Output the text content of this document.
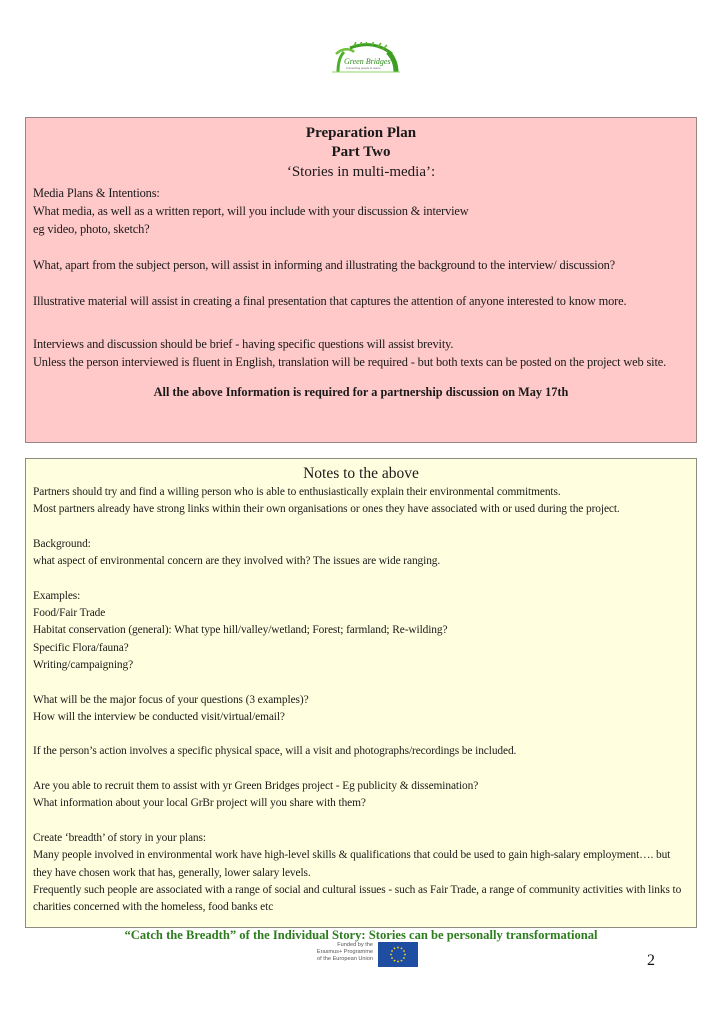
Green Bridges
Connecting people & nature
Preparation Plan
Part Two
‘Stories in multi-media’:

Media Plans & Intentions:

What media, as well as a written report, will you include with your discussion & interview

eg video, photo, sketch?

What, apart from the subject person, will assist in informing and illustrating the background to the interview/ discussion?

Illustrative material will assist in creating a final presentation that captures the attention of anyone interested to know more.

Interviews and discussion should be brief - having specific questions will assist brevity.

Unless the person interviewed is fluent in English, translation will be required - but both texts can be posted on the project web site.

All the above Information is required for a partnership discussion on May 17th
Notes to the above

Partners should try and find a willing person who is able to enthusiastically explain their environmental commitments.

Most partners already have strong links within their own organisations or ones they have associated with or used during the project.

Background:

what aspect of environmental concern are they involved with? The issues are wide ranging.

Examples:

Food/Fair Trade

Habitat conservation (general): What type hill/valley/wetland; Forest; farmland; Re-wilding?

Specific Flora/fauna?

Writing/campaigning?

What will be the major focus of your questions (3 examples)?

How will the interview be conducted visit/virtual/email?

If the person’s action involves a specific physical space, will a visit and photographs/recordings be included.

Are you able to recruit them to assist with yr Green Bridges project - Eg publicity & dissemination?

What information about your local GrBr project will you share with them?

Create ‘breadth’ of story in your plans:

Many people involved in environmental work have high-level skills & qualifications that could be used to gain high-salary employment…. but they have chosen work that has, generally, lower salary levels.

Frequently such people are associated with a range of social and cultural issues - such as Fair Trade, a range of community activities with links to charities concerned with the homeless, food banks etc

“Catch the Breadth” of the Individual Story: Stories can be personally transformational
Funded by the
Erasmus+ Programme
of the European Union	2
